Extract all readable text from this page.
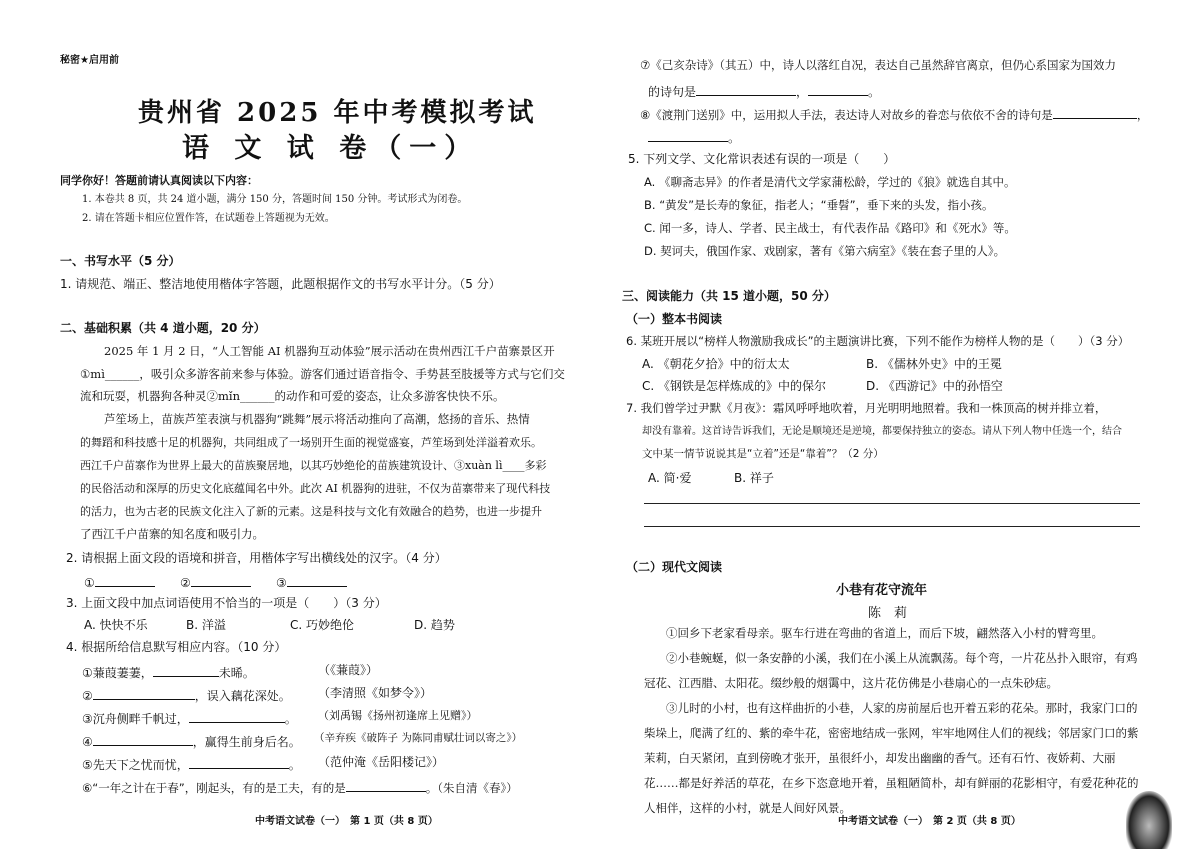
秘密★启用前
贵州省 2025 年中考模拟考试
语 文 试 卷（一）
同学你好！答题前请认真阅读以下内容：
1. 本卷共 8 页，共 24 道小题，满分 150 分，答题时间 150 分钟。考试形式为闭卷。
2. 请在答题卡相应位置作答，在试题卷上答题视为无效。
一、书写水平（5 分）
1. 请规范、端正、整洁地使用楷体字答题，此题根据作文的书写水平计分。（5 分）
二、基础积累（共 4 道小题，20 分）
2025 年 1 月 2 日，“人工智能 AI 机器狗互动体验”展示活动在贵州西江千户苗寨景区开
①mì______，吸引众多游客前来参与体验。游客们通过语音指令、手势甚至肢援等方式与它们交
流和玩耍，机器狗各种灵②mǐn______的动作和可爱的姿态，让众多游客快快不乐。
芦笙场上，苗族芦笙表演与机器狗“跳舞”展示将活动推向了高潮，悠扬的音乐、热情
的舞蹈和科技感十足的机器狗，共同组成了一场别开生面的视觉盛宴，芦笙场到处洋溢着欢乐。
西江千户苗寨作为世界上最大的苗族聚居地，以其巧妙绝伦的苗族建筑设计、③xuàn lì____多彩
的民俗活动和深厚的历史文化底蕴闻名中外。此次 AI 机器狗的进驻，不仅为苗寨带来了现代科技
的活力，也为古老的民族文化注入了新的元素。这是科技与文化有效融合的趋势，也进一步提升
了西江千户苗寨的知名度和吸引力。
2. 请根据上面文段的语境和拼音，用楷体字写出横线处的汉字。（4 分）
①	②	③
3. 上面文段中加点词语使用不恰当的一项是（　　）（3 分）
A. 快快不乐	B. 洋溢	C. 巧妙绝伦	D. 趋势
4. 根据所给信息默写相应内容。（10 分）
①蒹葭萋萋，	未晞。	（《蒹葭》）
②	，误入藕花深处。 （李清照《如梦令》）
③沉舟侧畔千帆过，	。 （刘禹锡《扬州初逢席上见赠》）
④	，赢得生前身后名。 （辛弃疾《破阵子 为陈同甫赋壮词以寄之》）
⑤先天下之忧而忧，	。 （范仲淹《岳阳楼记》）
⑥“一年之计在于春”，刚起头，有的是工夫，有的是	。（朱自清《春》）
中考语文试卷（一）　第 1 页（共 8 页）
⑦《己亥杂诗》（其五）中，诗人以落红自况，表达自己虽然辞官离京，但仍心系国家为国效力
的诗句是	，	。
⑧《渡荆门送别》中，运用拟人手法，表达诗人对故乡的眷恋与依依不舍的诗句是	，
。
5. 下列文学、文化常识表述有误的一项是（　　）
A. 《聊斋志异》的作者是清代文学家蒲松龄，学过的《狼》就选自其中。
B. “黄发”是长寿的象征，指老人；“垂髫”，垂下来的头发，指小孩。
C. 闻一多，诗人、学者、民主战士，有代表作品《路印》和《死水》等。
D. 契诃夫，俄国作家、戏剧家，著有《第六病室》《装在套子里的人》。
三、阅读能力（共 15 道小题，50 分）
（一）整本书阅读
6. 某班开展以“榜样人物激励我成长”的主题演讲比赛，下列不能作为榜样人物的是（　　）（3 分）
A. 《朝花夕拾》中的衍太太	B. 《儒林外史》中的王冕
C. 《钢铁是怎样炼成的》中的保尔	D. 《西游记》中的孙悟空
7. 我们曾学过尹默《月夜》：霜风呼呼地吹着，月光明明地照着。我和一株顶高的树并排立着，
却没有靠着。这首诗告诉我们，无论是顺境还是逆境，都要保持独立的姿态。请从下列人物中任选一个，结合
文中某一情节说说其是“立着”还是“靠着”？（2 分）
A. 简·爱	B. 祥子
（二）现代文阅读
小巷有花守流年
陈　莉
①回乡下老家看母亲。驱车行进在弯曲的省道上，而后下坡，翩然落入小村的臂弯里。
②小巷蜿蜒，似一条安静的小溪，我们在小溪上从流飘荡。每个弯，一片花丛扑入眼帘，有鸡冠花、江西腊、太阳花。缀纱般的烟霭中，这片花仿佛是小巷扇心的一点朱砂痣。
③儿时的小村，也有这样曲折的小巷，人家的房前屋后也开着五彩的花朵。那时，我家门口的柴垛上，爬满了红的、紫的牵牛花，密密地结成一张网，牢牢地网住人们的视线；邻居家门口的紫茉莉，白天紧闭，直到傍晚才张开，虽很纤小，却发出幽幽的香气。还有石竹、夜娇莉、大丽花……都是好养活的草花，在乡下恣意地开着，虽粗陋简朴，却有鲜丽的花影相守，有爱花种花的人相伴，这样的小村，就是人间好风景。
中考语文试卷（一）　第 2 页（共 8 页）
